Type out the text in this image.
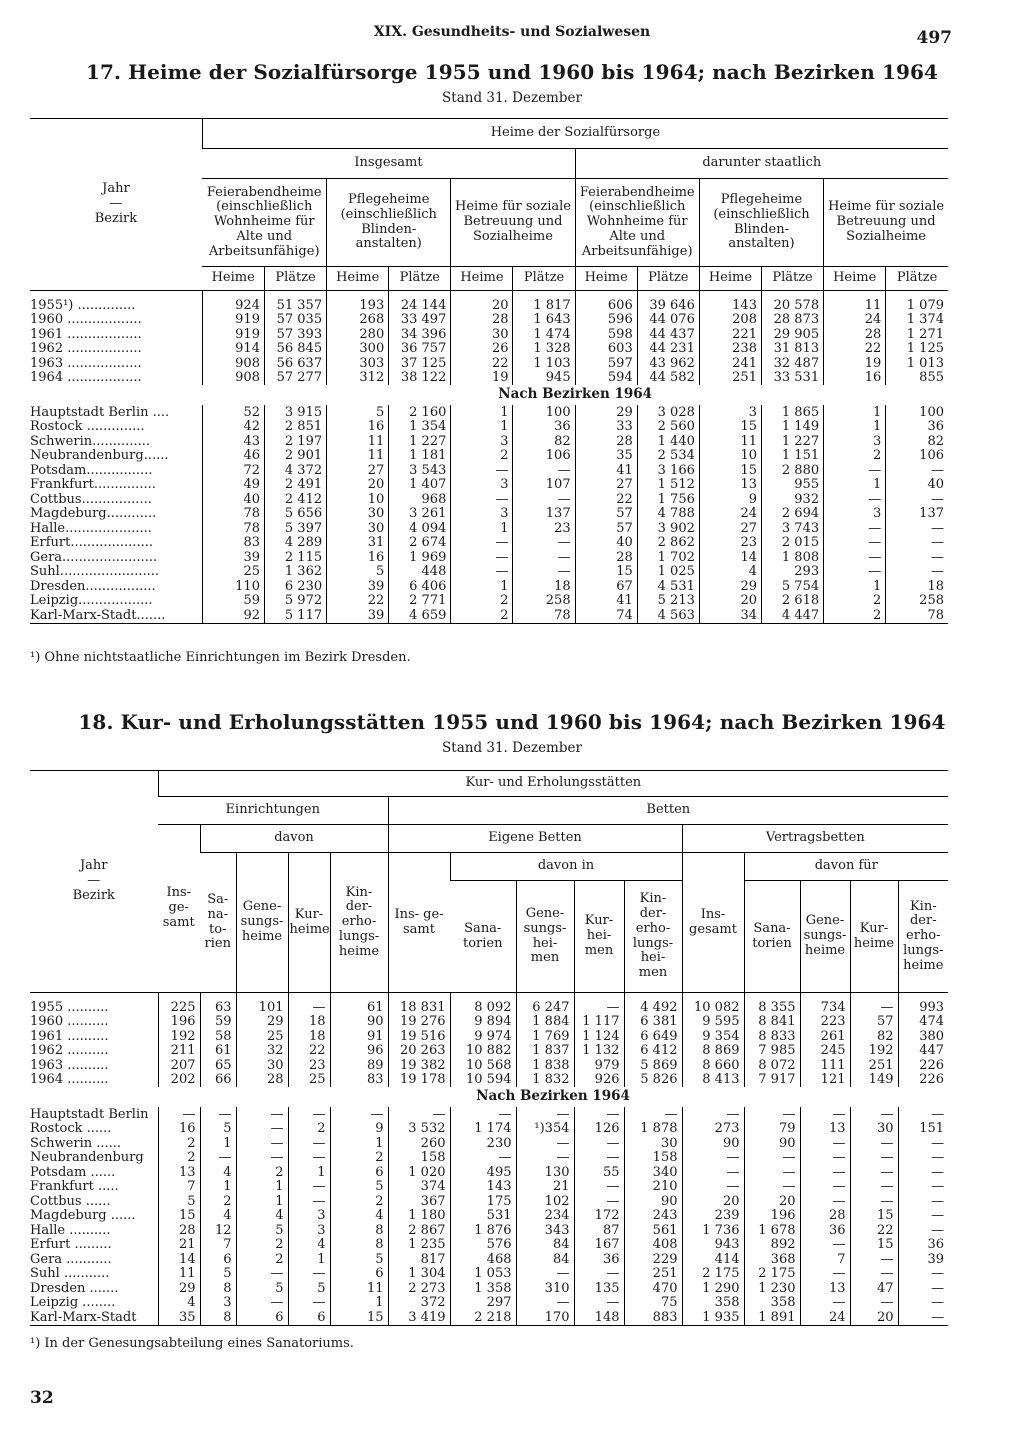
XIX. Gesundheits- und Sozialwesen	497
17. Heime der Sozialfürsorge 1955 und 1960 bis 1964; nach Bezirken 1964
Stand 31. Dezember
Jahr
—
Bezirk	Heime der Sozialfürsorge											
	Insgesamt						darunter staatlich					
	Feierabendheime (einschließlich Wohnheime für Alte und Arbeitsunfähige)		Pflegeheime (einschließlich Blinden- anstalten)		Heime für soziale Betreuung und Sozialheime		Feierabendheime (einschließlich Wohnheime für Alte und Arbeitsunfähige)		Pflegeheime (einschließlich Blinden- anstalten)		Heime für soziale Betreuung und Sozialheime	
	Heime	Plätze	Heime	Plätze	Heime	Plätze	Heime	Plätze	Heime	Plätze	Heime	Plätze

1955¹) ..............	924	51 357	193	24 144	20	1 817	606	39 646	143	20 578	11	1 079
1960 ..................	919	57 035	268	33 497	28	1 643	596	44 076	208	28 873	24	1 374
1961 ..................	919	57 393	280	34 396	30	1 474	598	44 437	221	29 905	28	1 271
1962 ..................	914	56 845	300	36 757	26	1 328	603	44 231	238	31 813	22	1 125
1963 ..................	908	56 637	303	37 125	22	1 103	597	43 962	241	32 487	19	1 013
1964 ..................	908	57 277	312	38 122	19	945	594	44 582	251	33 531	16	855
	Nach Bezirken 1964											
Hauptstadt Berlin ....	52	3 915	5	2 160	1	100	29	3 028	3	1 865	1	100
Rostock ..............	42	2 851	16	1 354	1	36	33	2 560	15	1 149	1	36
Schwerin..............	43	2 197	11	1 227	3	82	28	1 440	11	1 227	3	82
Neubrandenburg......	46	2 901	11	1 181	2	106	35	2 534	10	1 151	2	106
Potsdam................	72	4 372	27	3 543	—	—	41	3 166	15	2 880	—	—
Frankfurt...............	49	2 491	20	1 407	3	107	27	1 512	13	955	1	40
Cottbus.................	40	2 412	10	968	—	—	22	1 756	9	932	—	—
Magdeburg............	78	5 656	30	3 261	3	137	57	4 788	24	2 694	3	137
Halle.....................	78	5 397	30	4 094	1	23	57	3 902	27	3 743	—	—
Erfurt....................	83	4 289	31	2 674	—	—	40	2 862	23	2 015	—	—
Gera.......................	39	2 115	16	1 969	—	—	28	1 702	14	1 808	—	—
Suhl........................	25	1 362	5	448	—	—	15	1 025	4	293	—	—
Dresden.................	110	6 230	39	6 406	1	18	67	4 531	29	5 754	1	18
Leipzig..................	59	5 972	22	2 771	2	258	41	5 213	20	2 618	2	258
Karl-Marx-Stadt.......	92	5 117	39	4 659	2	78	74	4 563	34	4 447	2	78
¹) Ohne nichtstaatliche Einrichtungen im Bezirk Dresden.
18. Kur- und Erholungsstätten 1955 und 1960 bis 1964; nach Bezirken 1964
Stand 31. Dezember
Jahr
—
Bezirk	Kur- und Erholungsstätten														
	Einrichtungen					Betten									
	Ins- ge- samt	davon				Eigene Betten					Vertragsbetten				
		Sa- na- to- rien	Gene- sungs- heime	Kur- heime	Kin- der- erho- lungs- heime	Ins- ge- samt	davon in				Ins- gesamt	davon für			
							Sana- torien	Gene- sungs- hei- men	Kur- hei- men	Kin- der- erho- lungs- hei- men		Sana- torien	Gene- sungs- heime	Kur- heime	Kin- der- erho- lungs- heime

1955 ..........	225	63	101	—	61	18 831	8 092	6 247	—	4 492	10 082	8 355	734	—	993
1960 ..........	196	59	29	18	90	19 276	9 894	1 884	1 117	6 381	9 595	8 841	223	57	474
1961 ..........	192	58	25	18	91	19 516	9 974	1 769	1 124	6 649	9 354	8 833	261	82	380
1962 ..........	211	61	32	22	96	20 263	10 882	1 837	1 132	6 412	8 869	7 985	245	192	447
1963 ..........	207	65	30	23	89	19 382	10 568	1 838	979	5 869	8 660	8 072	111	251	226
1964 ..........	202	66	28	25	83	19 178	10 594	1 832	926	5 826	8 413	7 917	121	149	226
	Nach Bezirken 1964														
Hauptstadt Berlin	—	—	—	—	—	—	—	—	—	—	—	—	—	—	—
Rostock ......	16	5	—	2	9	3 532	1 174	¹)354	126	1 878	273	79	13	30	151
Schwerin ......	2	1	—	—	1	260	230	—	—	30	90	90	—	—	—
Neubrandenburg	2	—	—	—	2	158	—	—	—	158	—	—	—	—	—
Potsdam ......	13	4	2	1	6	1 020	495	130	55	340	—	—	—	—	—
Frankfurt .....	7	1	1	—	5	374	143	21	—	210	—	—	—	—	—
Cottbus ......	5	2	1	—	2	367	175	102	—	90	20	20	—	—	—
Magdeburg ......	15	4	4	3	4	1 180	531	234	172	243	239	196	28	15	—
Halle ..........	28	12	5	3	8	2 867	1 876	343	87	561	1 736	1 678	36	22	—
Erfurt .........	21	7	2	4	8	1 235	576	84	167	408	943	892	—	15	36
Gera ...........	14	6	2	1	5	817	468	84	36	229	414	368	7	—	39
Suhl ...........	11	5	—	—	6	1 304	1 053	—	—	251	2 175	2 175	—	—	—
Dresden .......	29	8	5	5	11	2 273	1 358	310	135	470	1 290	1 230	13	47	—
Leipzig ........	4	3	—	—	1	372	297	—	—	75	358	358	—	—	—
Karl-Marx-Stadt	35	8	6	6	15	3 419	2 218	170	148	883	1 935	1 891	24	20	—
¹) In der Genesungsabteilung eines Sanatoriums.
32
